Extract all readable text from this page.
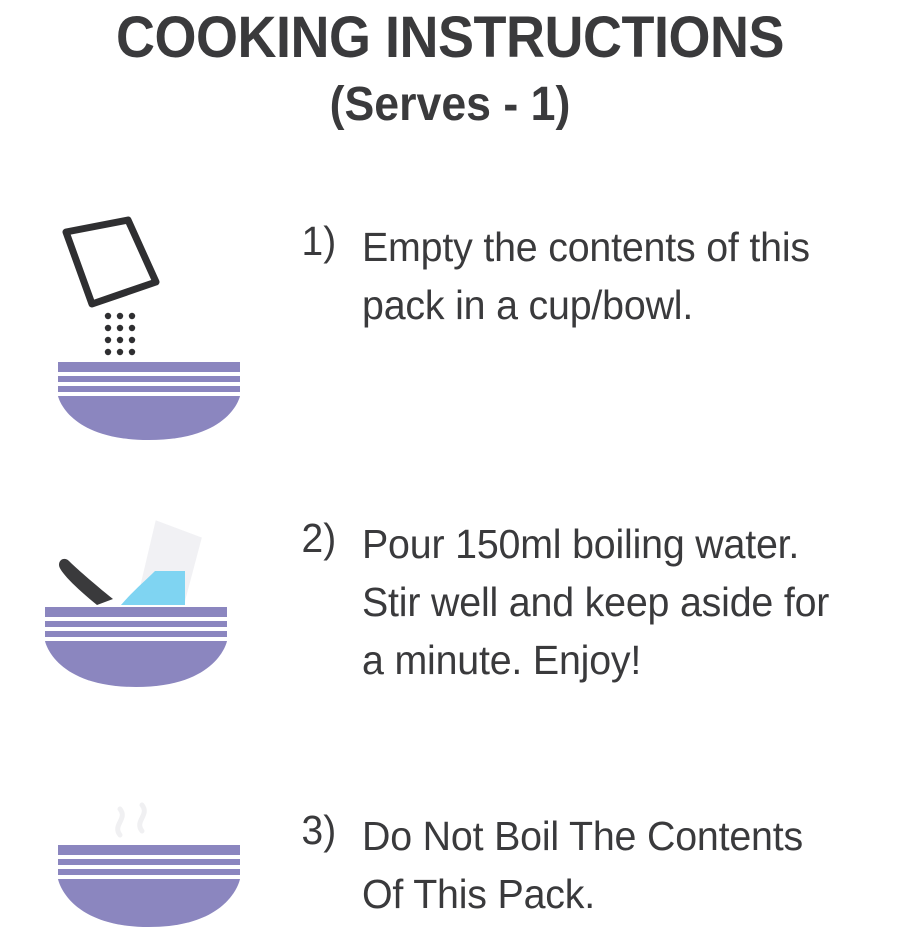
COOKING INSTRUCTIONS
(Serves - 1)
1) Empty the contents of this pack in a cup/bowl.
2) Pour 150ml boiling water. Stir well and keep aside for a minute. Enjoy!
3) Do Not Boil The Contents Of This Pack.
